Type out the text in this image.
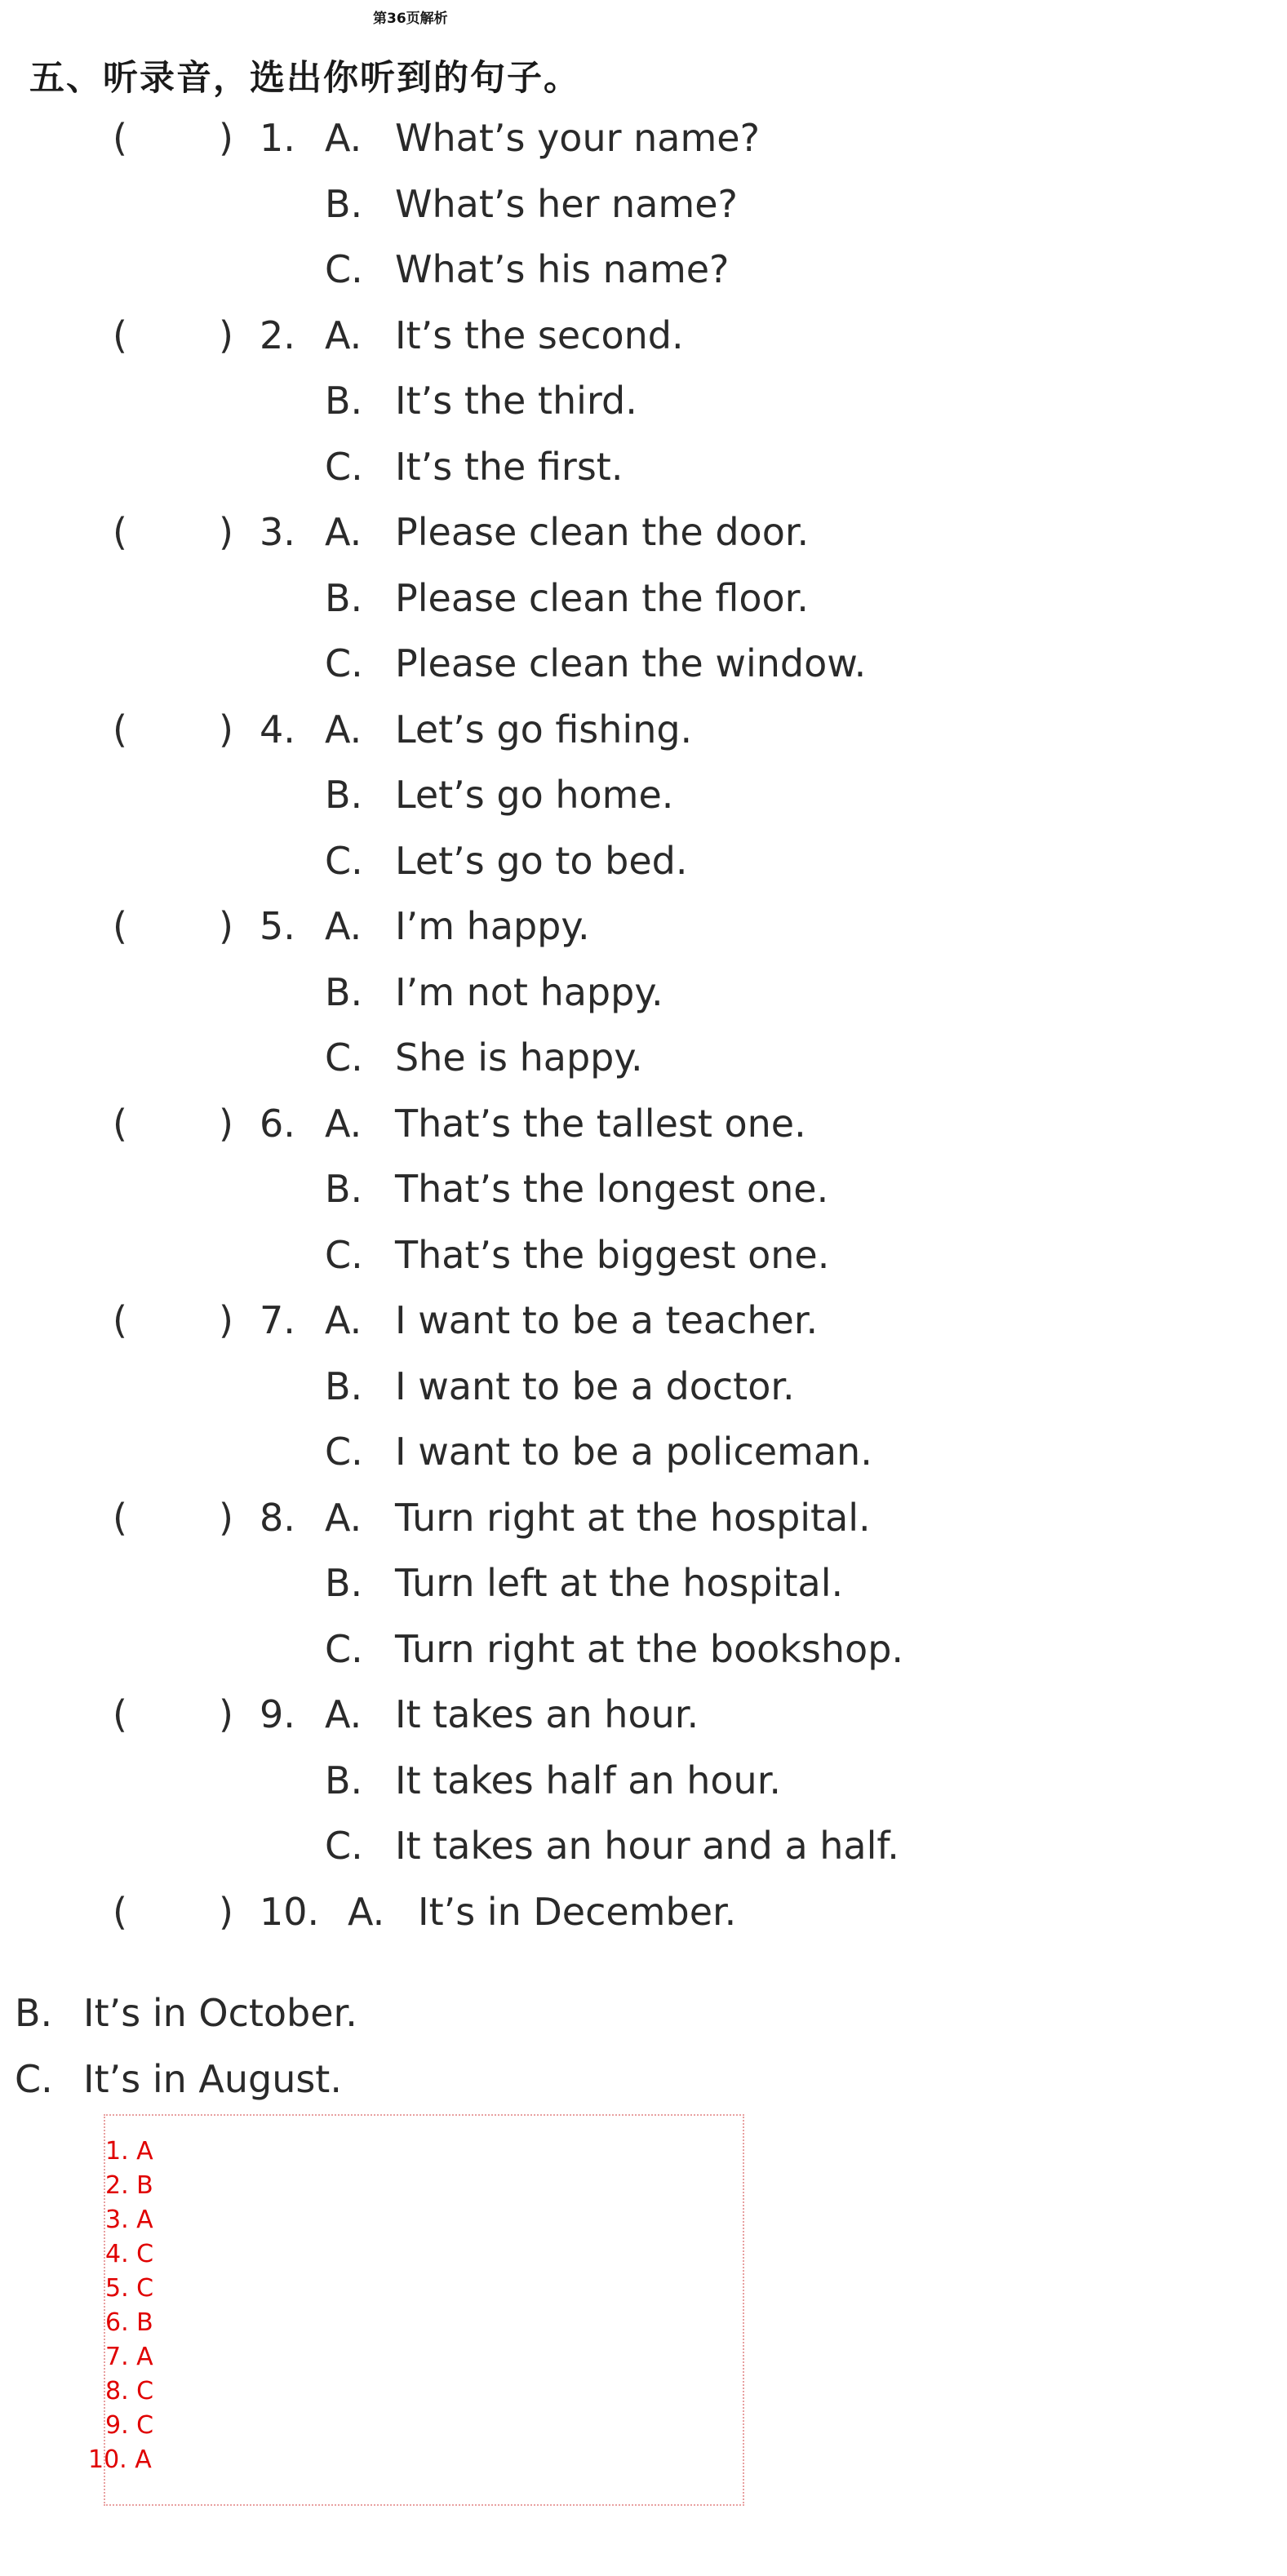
第36页解析
五、听录音，选出你听到的句子。
( ) 1. A. What’s your name?
B. What’s her name?
C. What’s his name?
( ) 2. A. It’s the second.
B. It’s the third.
C. It’s the first.
( ) 3. A. Please clean the door.
B. Please clean the floor.
C. Please clean the window.
( ) 4. A. Let’s go fishing.
B. Let’s go home.
C. Let’s go to bed.
( ) 5. A. I’m happy.
B. I’m not happy.
C. She is happy.
( ) 6. A. That’s the tallest one.
B. That’s the longest one.
C. That’s the biggest one.
( ) 7. A. I want to be a teacher.
B. I want to be a doctor.
C. I want to be a policeman.
( ) 8. A. Turn right at the hospital.
B. Turn left at the hospital.
C. Turn right at the bookshop.
( ) 9. A. It takes an hour.
B. It takes half an hour.
C. It takes an hour and a half.
( ) 10. A. It’s in December.
B. It’s in October.
C. It’s in August.
1. A
2. B
3. A
4. C
5. C
6. B
7. A
8. C
9. C
10. A
